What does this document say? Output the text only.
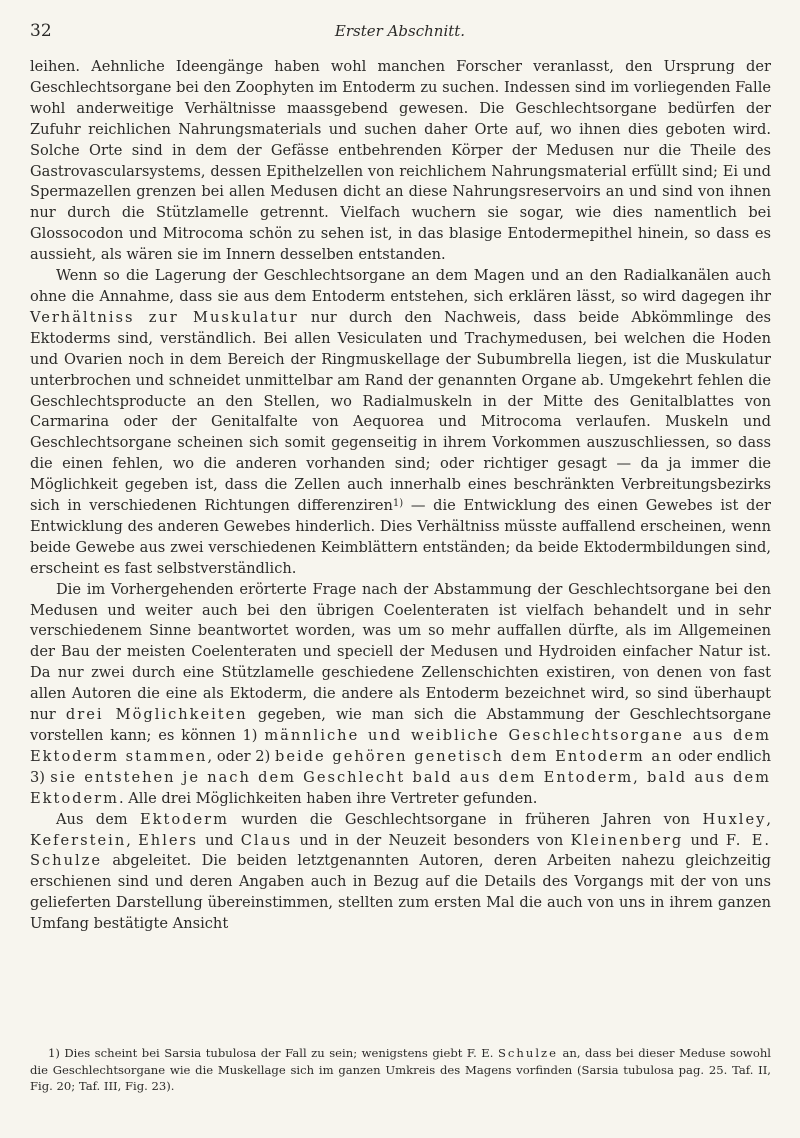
32	Erster Abschnitt.

leihen. Aehnliche Ideengänge haben wohl manchen Forscher veranlasst, den Ursprung der Geschlechtsorgane bei den Zoophyten im Entoderm zu suchen. Indessen sind im vorliegenden Falle wohl anderweitige Verhältnisse maassgebend gewesen. Die Geschlechtsorgane bedürfen der Zufuhr reichlichen Nahrungsmaterials und suchen daher Orte auf, wo ihnen dies geboten wird. Solche Orte sind in dem der Gefässe entbehrenden Körper der Medusen nur die Theile des Gastrovascularsystems, dessen Epithelzellen von reichlichem Nahrungsmaterial erfüllt sind; Ei und Spermazellen grenzen bei allen Medusen dicht an diese Nahrungsreservoirs an und sind von ihnen nur durch die Stützlamelle getrennt. Vielfach wuchern sie sogar, wie dies namentlich bei Glossocodon und Mitrocoma schön zu sehen ist, in das blasige Entodermepithel hinein, so dass es aussieht, als wären sie im Innern desselben entstanden.

Wenn so die Lagerung der Geschlechtsorgane an dem Magen und an den Radialkanälen auch ohne die Annahme, dass sie aus dem Entoderm entstehen, sich erklären lässt, so wird dagegen ihr Verhältniss zur Muskulatur nur durch den Nachweis, dass beide Abkömmlinge des Ektoderms sind, verständlich. Bei allen Vesiculaten und Trachymedusen, bei welchen die Hoden und Ovarien noch in dem Bereich der Ringmuskellage der Subumbrella liegen, ist die Muskulatur unterbrochen und schneidet unmittelbar am Rand der genannten Organe ab. Umgekehrt fehlen die Geschlechtsproducte an den Stellen, wo Radialmuskeln in der Mitte des Genitalblattes von Carmarina oder der Genitalfalte von Aequorea und Mitrocoma verlaufen. Muskeln und Geschlechtsorgane scheinen sich somit gegenseitig in ihrem Vorkommen auszuschliessen, so dass die einen fehlen, wo die anderen vorhanden sind; oder richtiger gesagt — da ja immer die Möglichkeit gegeben ist, dass die Zellen auch innerhalb eines beschränkten Verbreitungsbezirks sich in verschiedenen Richtungen differenziren$^{1)}$ — die Entwicklung des einen Gewebes ist der Entwicklung des anderen Gewebes hinderlich. Dies Verhältniss müsste auffallend erscheinen, wenn beide Gewebe aus zwei verschiedenen Keimblättern entständen; da beide Ektodermbildungen sind, erscheint es fast selbstverständlich.

Die im Vorhergehenden erörterte Frage nach der Abstammung der Geschlechtsorgane bei den Medusen und weiter auch bei den übrigen Coelenteraten ist vielfach behandelt und in sehr verschiedenem Sinne beantwortet worden, was um so mehr auffallen dürfte, als im Allgemeinen der Bau der meisten Coelenteraten und speciell der Medusen und Hydroiden einfacher Natur ist. Da nur zwei durch eine Stützlamelle geschiedene Zellenschichten existiren, von denen von fast allen Autoren die eine als Ektoderm, die andere als Entoderm bezeichnet wird, so sind überhaupt nur drei Möglichkeiten gegeben, wie man sich die Abstammung der Geschlechtsorgane vorstellen kann; es können 1) männliche und weibliche Geschlechtsorgane aus dem Ektoderm stammen, oder 2) beide gehören genetisch dem Entoderm an oder endlich 3) sie entstehen je nach dem Geschlecht bald aus dem Entoderm, bald aus dem Ektoderm. Alle drei Möglichkeiten haben ihre Vertreter gefunden.

Aus dem Ektoderm wurden die Geschlechtsorgane in früheren Jahren von Huxley, Keferstein, Ehlers und Claus und in der Neuzeit besonders von Kleinenberg und F. E. Schulze abgeleitet. Die beiden letztgenannten Autoren, deren Arbeiten nahezu gleichzeitig erschienen sind und deren Angaben auch in Bezug auf die Details des Vorgangs mit der von uns gelieferten Darstellung übereinstimmen, stellten zum ersten Mal die auch von uns in ihrem ganzen Umfang bestätigte Ansicht

1) Dies scheint bei Sarsia tubulosa der Fall zu sein; wenigstens giebt F. E. Schulze an, dass bei dieser Meduse sowohl die Geschlechtsorgane wie die Muskellage sich im ganzen Umkreis des Magens vorfinden (Sarsia tubulosa pag. 25. Taf. II, Fig. 20; Taf. III, Fig. 23).
